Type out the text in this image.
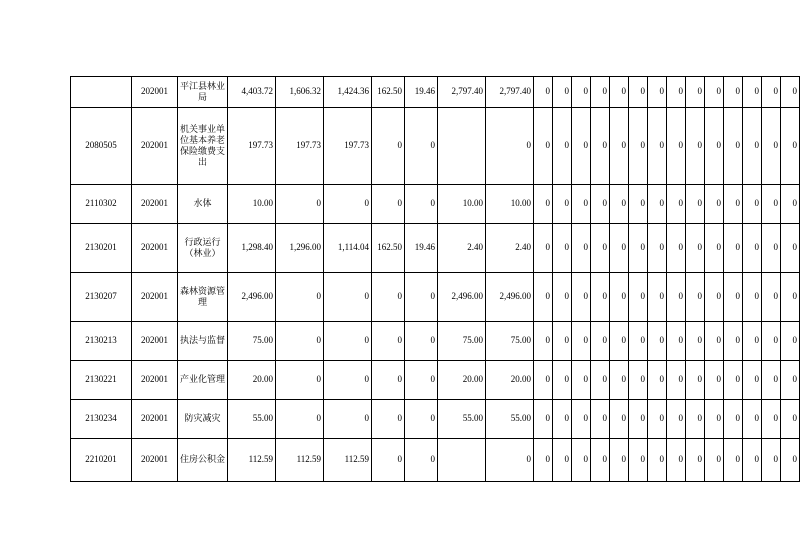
	202001	平江县林业局	4,403.72	1,606.32	1,424.36	162.50	19.46	2,797.40	2,797.40	0	0	0	0	0	0	0	0	0	0	0	0	0	0
2080505	202001	机关事业单位基本养老保险缴费支出	197.73	197.73	197.73	0	0		0	0	0	0	0	0	0	0	0	0	0	0	0	0	0
2110302	202001	水体	10.00	0	0	0	0	10.00	10.00	0	0	0	0	0	0	0	0	0	0	0	0	0	0
2130201	202001	行政运行（林业）	1,298.40	1,296.00	1,114.04	162.50	19.46	2.40	2.40	0	0	0	0	0	0	0	0	0	0	0	0	0	0
2130207	202001	森林资源管理	2,496.00	0	0	0	0	2,496.00	2,496.00	0	0	0	0	0	0	0	0	0	0	0	0	0	0
2130213	202001	执法与监督	75.00	0	0	0	0	75.00	75.00	0	0	0	0	0	0	0	0	0	0	0	0	0	0
2130221	202001	产业化管理	20.00	0	0	0	0	20.00	20.00	0	0	0	0	0	0	0	0	0	0	0	0	0	0
2130234	202001	防灾减灾	55.00	0	0	0	0	55.00	55.00	0	0	0	0	0	0	0	0	0	0	0	0	0	0
2210201	202001	住房公积金	112.59	112.59	112.59	0	0		0	0	0	0	0	0	0	0	0	0	0	0	0	0	0
